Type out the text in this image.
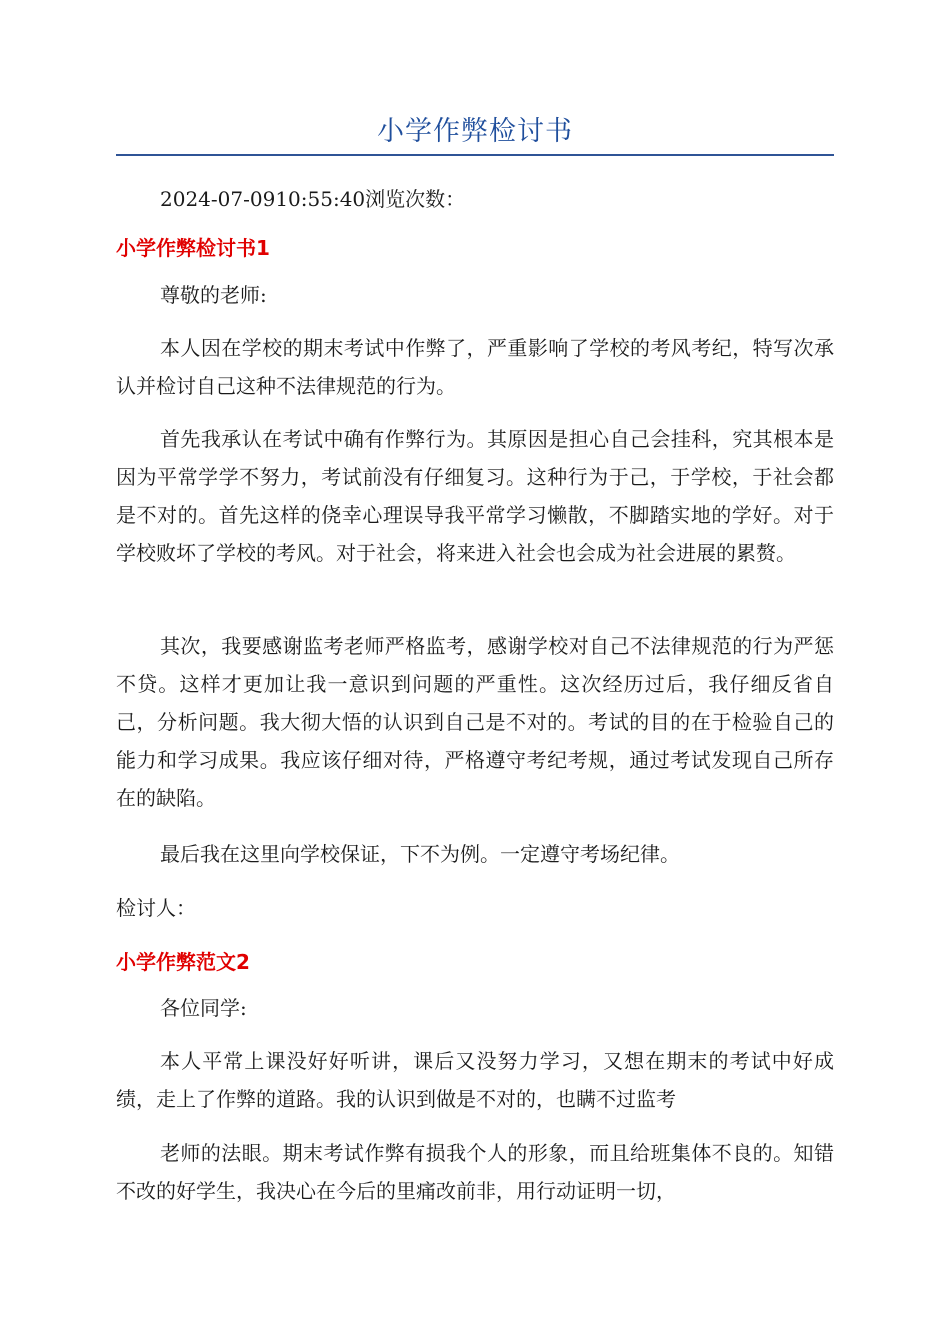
小学作弊检讨书

2024-07-0910:55:40浏览次数：

小学作弊检讨书1

尊敬的老师:

本人因在学校的期末考试中作弊了，严重影响了学校的考风考纪，特写次承认并检讨自己这种不法律规范的行为。

首先我承认在考试中确有作弊行为。其原因是担心自己会挂科，究其根本是因为平常学学不努力，考试前没有仔细复习。这种行为于己，于学校，于社会都是不对的。首先这样的侥幸心理误导我平常学习懒散，不脚踏实地的学好。对于学校败坏了学校的考风。对于社会，将来进入社会也会成为社会进展的累赘。

其次，我要感谢监考老师严格监考，感谢学校对自己不法律规范的行为严惩不贷。这样才更加让我一意识到问题的严重性。这次经历过后，我仔细反省自己，分析问题。我大彻大悟的认识到自己是不对的。考试的目的在于检验自己的能力和学习成果。我应该仔细对待，严格遵守考纪考规，通过考试发现自己所存在的缺陷。

最后我在这里向学校保证，下不为例。一定遵守考场纪律。

检讨人：

小学作弊范文2

各位同学:

本人平常上课没好好听讲，课后又没努力学习，又想在期末的考试中好成绩，走上了作弊的道路。我的认识到做是不对的，也瞒不过监考

老师的法眼。期末考试作弊有损我个人的形象，而且给班集体不良的。知错不改的好学生，我决心在今后的里痛改前非，用行动证明一切，
